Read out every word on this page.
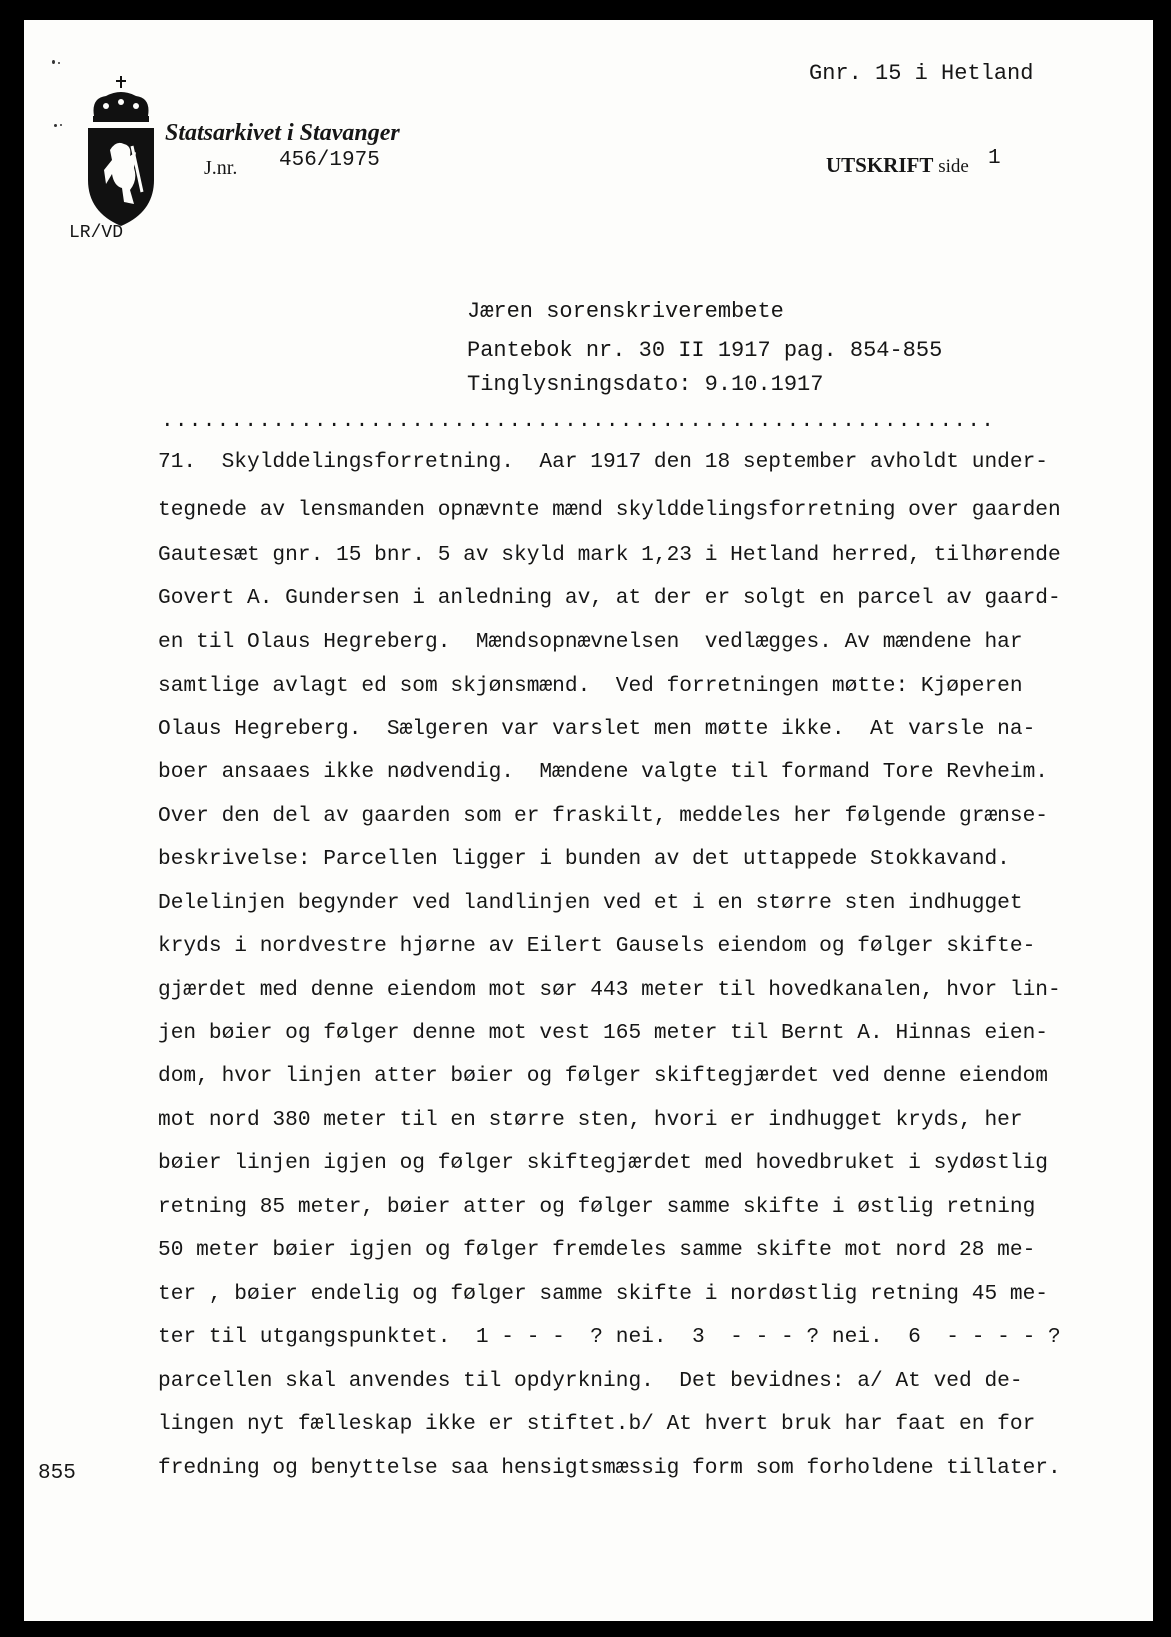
Statsarkivet i Stavanger
J.nr. 456/1975
LR/VD
Gnr. 15 i Hetland
UTSKRIFT side 1
Jæren sorenskriverembete
Pantebok nr. 30 II 1917 pag. 854-855
Tinglysningsdato: 9.10.1917
............................................................
71.  Skylddelingsforretning.  Aar 1917 den 18 september avholdt under-
tegnede av lensmanden opnævnte mænd skylddelingsforretning over gaarden
Gautesæt gnr. 15 bnr. 5 av skyld mark 1,23 i Hetland herred, tilhørende
Govert A. Gundersen i anledning av, at der er solgt en parcel av gaard-
en til Olaus Hegreberg.  Mændsopnævnelsen  vedlægges. Av mændene har
samtlige avlagt ed som skjønsmænd.  Ved forretningen møtte: Kjøperen
Olaus Hegreberg.  Sælgeren var varslet men møtte ikke.  At varsle na-
boer ansaaes ikke nødvendig.  Mændene valgte til formand Tore Revheim.
Over den del av gaarden som er fraskilt, meddeles her følgende grænse-
beskrivelse: Parcellen ligger i bunden av det uttappede Stokkavand.
Delelinjen begynder ved landlinjen ved et i en større sten indhugget
kryds i nordvestre hjørne av Eilert Gausels eiendom og følger skifte-
gjærdet med denne eiendom mot sør 443 meter til hovedkanalen, hvor lin-
jen bøier og følger denne mot vest 165 meter til Bernt A. Hinnas eien-
dom, hvor linjen atter bøier og følger skiftegjærdet ved denne eiendom
mot nord 380 meter til en større sten, hvori er indhugget kryds, her
bøier linjen igjen og følger skiftegjærdet med hovedbruket i sydøstlig
retning 85 meter, bøier atter og følger samme skifte i østlig retning
50 meter bøier igjen og følger fremdeles samme skifte mot nord 28 me-
ter , bøier endelig og følger samme skifte i nordøstlig retning 45 me-
ter til utgangspunktet.  1 - - -  ? nei.  3  - - - ? nei.  6  - - - - ?
parcellen skal anvendes til opdyrkning.  Det bevidnes: a/ At ved de-
lingen nyt fælleskap ikke er stiftet.b/ At hvert bruk har faat en for
fredning og benyttelse saa hensigtsmæssig form som forholdene tillater.
855
